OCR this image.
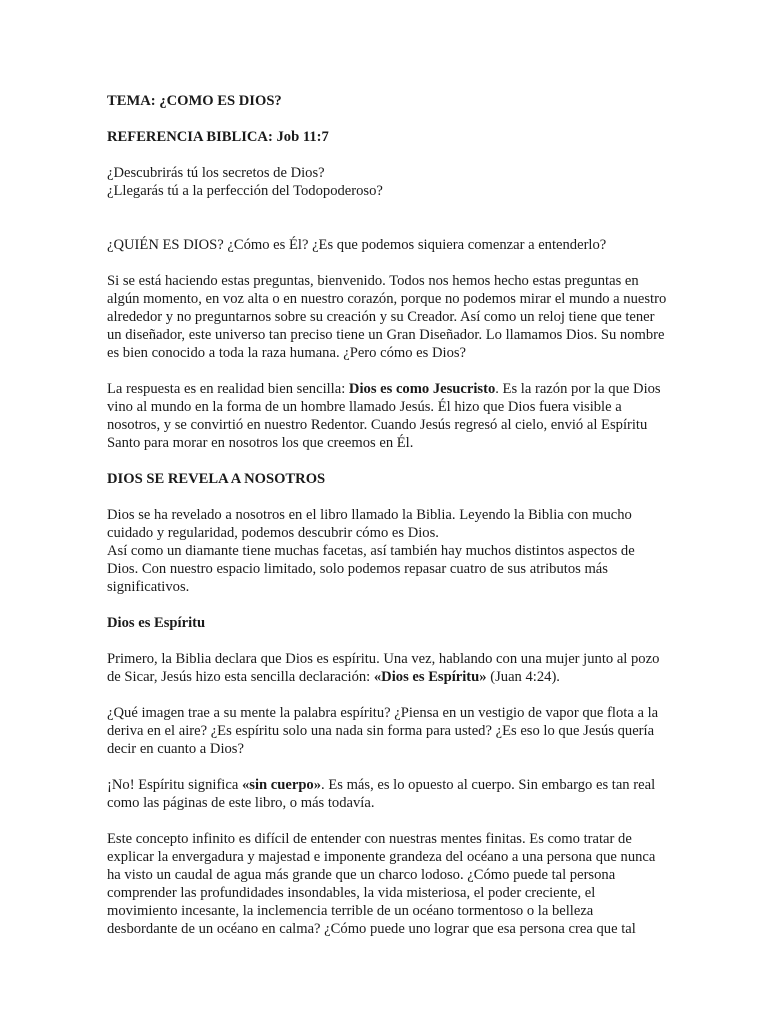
TEMA: ¿COMO ES DIOS?

REFERENCIA BIBLICA: Job 11:7

¿Descubrirás tú los secretos de Dios?

¿Llegarás tú a la perfección del Todopoderoso?

¿QUIÉN ES DIOS? ¿Cómo es Él? ¿Es que podemos siquiera comenzar a entenderlo?

Si se está haciendo estas preguntas, bienvenido. Todos nos hemos hecho estas preguntas en algún momento, en voz alta o en nuestro corazón, porque no podemos mirar el mundo a nuestro alrededor y no preguntarnos sobre su creación y su Creador. Así como un reloj tiene que tener un diseñador, este universo tan preciso tiene un Gran Diseñador. Lo llamamos Dios. Su nombre es bien conocido a toda la raza humana. ¿Pero cómo es Dios?

La respuesta es en realidad bien sencilla: Dios es como Jesucristo. Es la razón por la que Dios vino al mundo en la forma de un hombre llamado Jesús. Él hizo que Dios fuera visible a nosotros, y se convirtió en nuestro Redentor. Cuando Jesús regresó al cielo, envió al Espíritu Santo para morar en nosotros los que creemos en Él.

DIOS SE REVELA A NOSOTROS

Dios se ha revelado a nosotros en el libro llamado la Biblia. Leyendo la Biblia con mucho cuidado y regularidad, podemos descubrir cómo es Dios.
Así como un diamante tiene muchas facetas, así también hay muchos distintos aspectos de Dios. Con nuestro espacio limitado, solo podemos repasar cuatro de sus atributos más significativos.

Dios es Espíritu

Primero, la Biblia declara que Dios es espíritu. Una vez, hablando con una mujer junto al pozo de Sicar, Jesús hizo esta sencilla declaración: «Dios es Espíritu» (Juan 4:24).

¿Qué imagen trae a su mente la palabra espíritu? ¿Piensa en un vestigio de vapor que flota a la deriva en el aire? ¿Es espíritu solo una nada sin forma para usted? ¿Es eso lo que Jesús quería decir en cuanto a Dios?

¡No! Espíritu significa «sin cuerpo». Es más, es lo opuesto al cuerpo. Sin embargo es tan real como las páginas de este libro, o más todavía.

Este concepto infinito es difícil de entender con nuestras mentes finitas. Es como tratar de explicar la envergadura y majestad e imponente grandeza del océano a una persona que nunca ha visto un caudal de agua más grande que un charco lodoso. ¿Cómo puede tal persona comprender las profundidades insondables, la vida misteriosa, el poder creciente, el movimiento incesante, la inclemencia terrible de un océano tormentoso o la belleza desbordante de un océano en calma? ¿Cómo puede uno lograr que esa persona crea que tal
